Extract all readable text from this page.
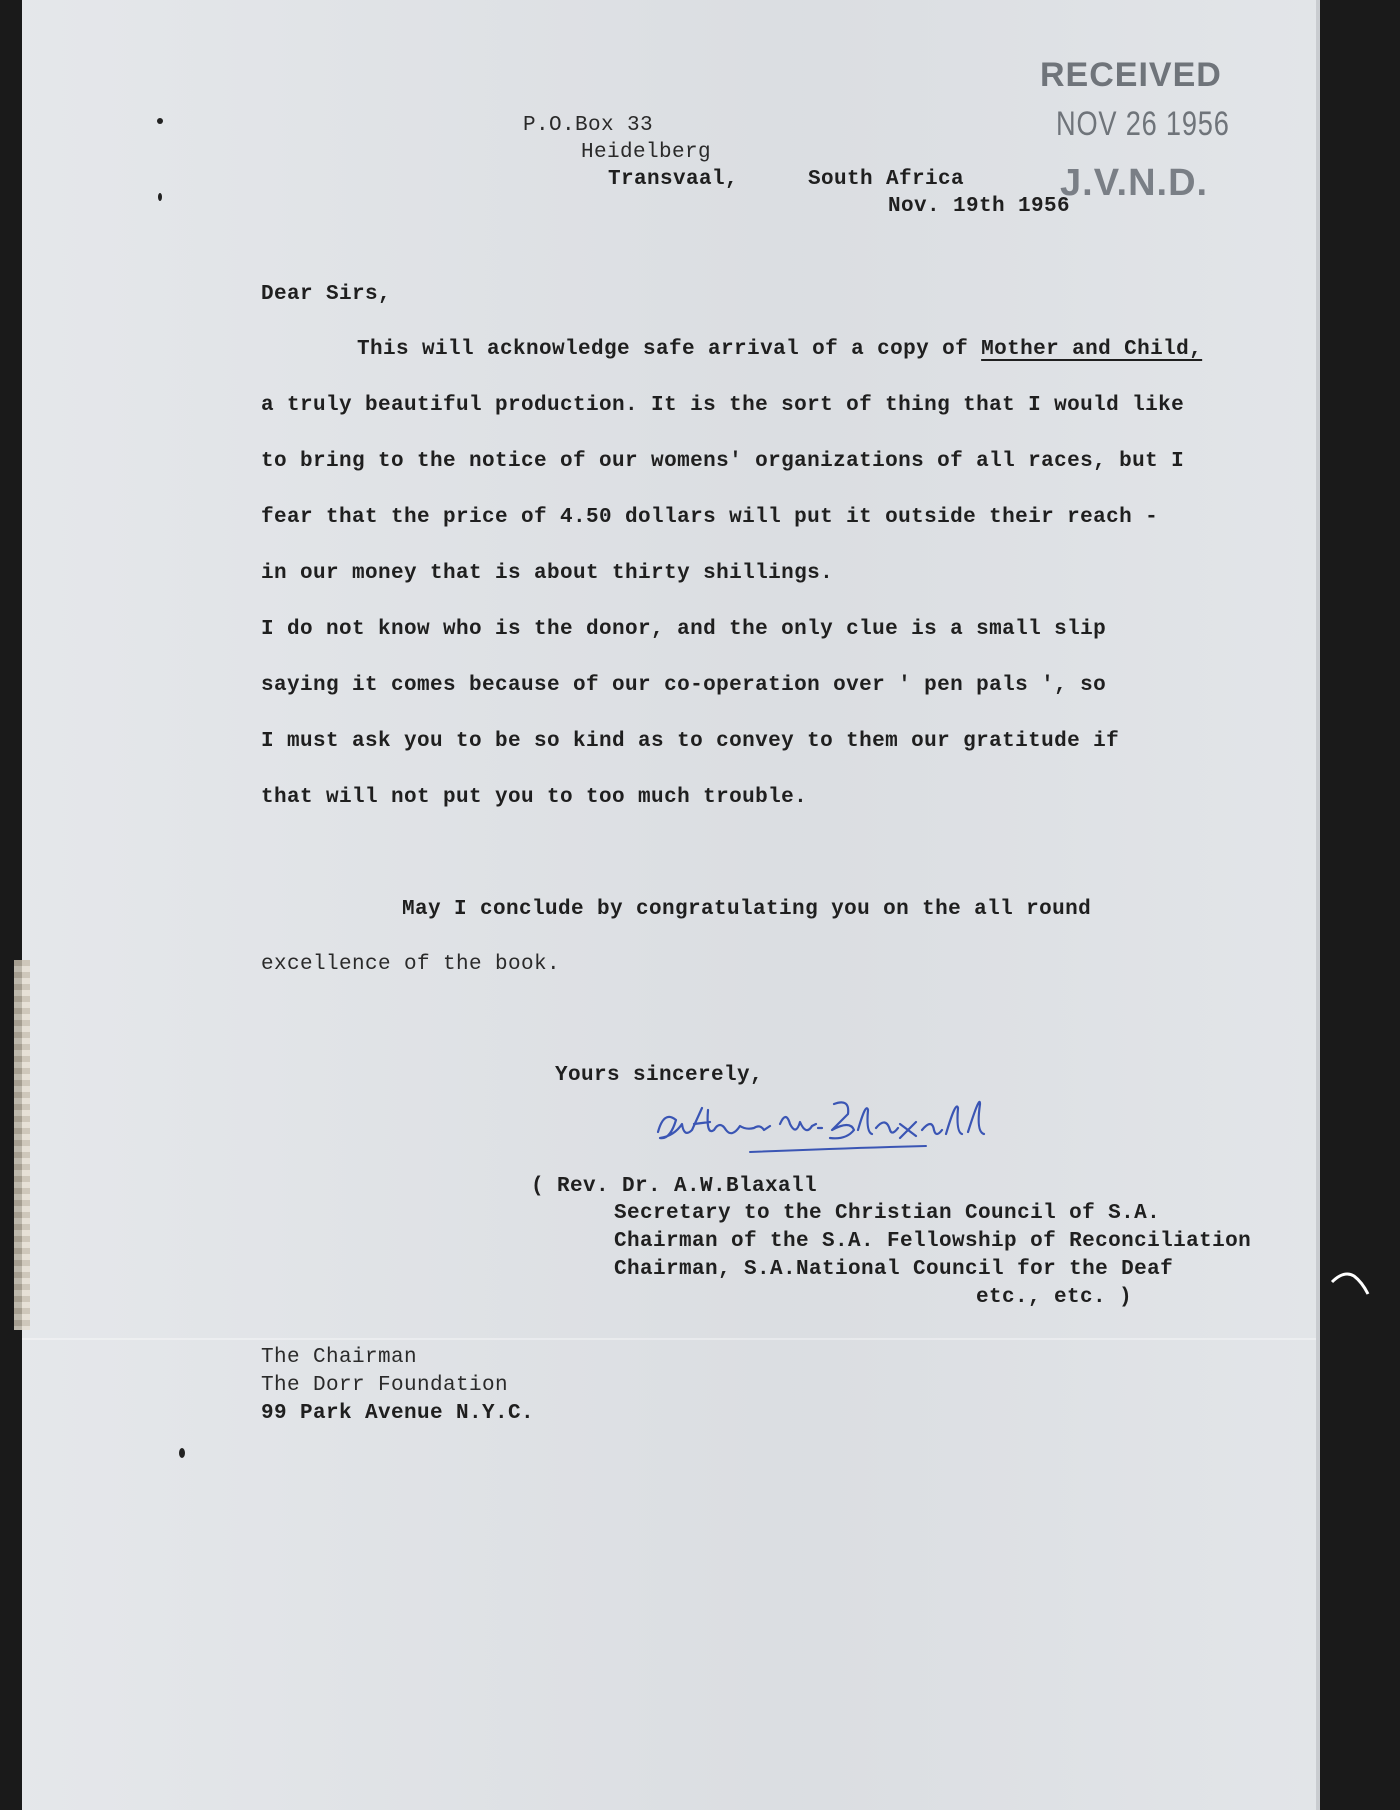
RECEIVED
NOV 26 1956
J.V.N.D.
P.O.Box 33
Heidelberg
Transvaal,	South Africa
Nov. 19th 1956
Dear Sirs,
This will acknowledge safe arrival of a copy of Mother and Child,
a truly beautiful production. It is the sort of thing that I would like
to bring to the notice of our womens' organizations of all races, but I
fear that the price of 4.50 dollars will put it outside their reach -
in our money that is about thirty shillings.
I do not know who is the donor, and the only clue is a small slip
saying it comes because of our co-operation over ' pen pals ', so
I must ask you to be so kind as to convey to them our gratitude if
that will not put you to too much trouble.
May I conclude by congratulating you on the all round
excellence of the book.
Yours sincerely,
( Rev. Dr. A.W.Blaxall
Secretary to the Christian Council of S.A.
Chairman of the S.A. Fellowship of Reconciliation
Chairman, S.A.National Council for the Deaf
etc., etc. )
The Chairman
The Dorr Foundation
99 Park Avenue N.Y.C.
